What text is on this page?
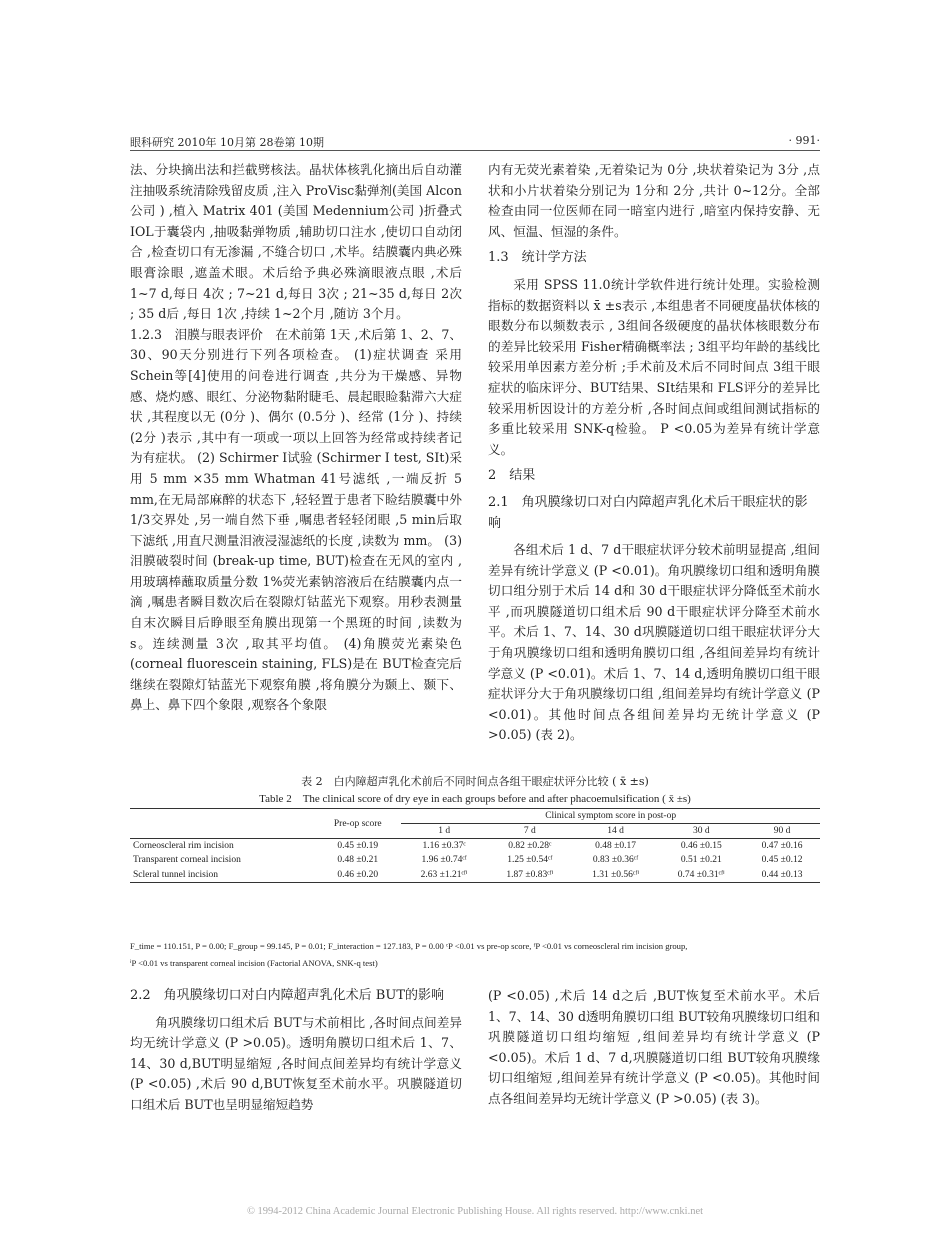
眼科研究 2010年 10月第 28卷第 10期	· 991·

法、分块摘出法和拦截劈核法。晶状体核乳化摘出后自动灌注抽吸系统清除残留皮质 ,注入 ProVisc黏弹剂(美国 Alcon公司 ) ,植入 Matrix 401 (美国 Medennium公司 )折叠式 IOL于囊袋内 ,抽吸黏弹物质 ,辅助切口注水 ,使切口自动闭合 ,检查切口有无渗漏 ,不缝合切口 ,术毕。结膜囊内典必殊眼膏涂眼 ,遮盖术眼。术后给予典必殊滴眼液点眼 ,术后 1~7 d,每日 4次 ; 7~21 d,每日 3次 ; 21~35 d,每日 2次 ; 35 d后 ,每日 1次 ,持续 1~2个月 ,随访 3个月。

1.2.3　泪膜与眼表评价　在术前第 1天 ,术后第 1、2、7、30、90天分别进行下列各项检查。 (1)症状调查 采用 Schein等[4]使用的问卷进行调查 ,共分为干燥感、异物感、烧灼感、眼红、分泌物黏附睫毛、晨起眼睑黏滞六大症状 ,其程度以无 (0分 )、偶尔 (0.5分 )、经常 (1分 )、持续 (2分 )表示 ,其中有一项或一项以上回答为经常或持续者记为有症状。 (2) Schirmer Ⅰ试验 (Schirmer I test, SIt)采用 5 mm ×35 mm Whatman 41号滤纸 ,一端反折 5 mm,在无局部麻醉的状态下 ,轻轻置于患者下睑结膜囊中外 1/3交界处 ,另一端自然下垂 ,嘱患者轻轻闭眼 ,5 min后取下滤纸 ,用直尺测量泪液浸湿滤纸的长度 ,读数为 mm。 (3)泪膜破裂时间 (break-up time, BUT)检查在无风的室内 ,用玻璃棒蘸取质量分数 1%荧光素钠溶液后在结膜囊内点一滴 ,嘱患者瞬目数次后在裂隙灯钴蓝光下观察。用秒表测量自末次瞬目后睁眼至角膜出现第一个黑斑的时间 ,读数为 s。连续测量 3次 ,取其平均值。 (4)角膜荧光素染色 (corneal fluorescein staining, FLS)是在 BUT检查完后继续在裂隙灯钴蓝光下观察角膜 ,将角膜分为颞上、颞下、鼻上、鼻下四个象限 ,观察各个象限

内有无荧光素着染 ,无着染记为 0分 ,块状着染记为 3分 ,点状和小片状着染分别记为 1分和 2分 ,共计 0~12分。全部检查由同一位医师在同一暗室内进行 ,暗室内保持安静、无风、恒温、恒湿的条件。

1.3　统计学方法

采用 SPSS 11.0统计学软件进行统计处理。实验检测指标的数据资料以 x̄ ±s表示 ,本组患者不同硬度晶状体核的眼数分布以频数表示 , 3组间各级硬度的晶状体核眼数分布的差异比较采用 Fisher精确概率法 ; 3组平均年龄的基线比较采用单因素方差分析 ;手术前及术后不同时间点 3组干眼症状的临床评分、BUT结果、SIt结果和 FLS评分的差异比较采用析因设计的方差分析 ,各时间点间或组间测试指标的多重比较采用 SNK-q检验。 P <0.05为差异有统计学意义。

2　结果
2.1　角巩膜缘切口对白内障超声乳化术后干眼症状的影响

各组术后 1 d、7 d干眼症状评分较术前明显提高 ,组间差异有统计学意义 (P <0.01)。角巩膜缘切口组和透明角膜切口组分别于术后 14 d和 30 d干眼症状评分降低至术前水平 ,而巩膜隧道切口组术后 90 d干眼症状评分降至术前水平。术后 1、7、14、30 d巩膜隧道切口组干眼症状评分大于角巩膜缘切口组和透明角膜切口组 ,各组间差异均有统计学意义 (P <0.01)。术后 1、7、14 d,透明角膜切口组干眼症状评分大于角巩膜缘切口组 ,组间差异均有统计学意义 (P <0.01)。其他时间点各组间差异均无统计学意义 (P >0.05) (表 2)。

表 2　白内障超声乳化术前后不同时间点各组干眼症状评分比较 ( x̄ ±s)
Table 2　The clinical score of dry eye in each groups before and after phacoemulsification ( x̄ ±s)
	Pre-op score	Clinical symptom score in post-op				
		1 d	7 d	14 d	30 d	90 d
Corneoscleral rim incision	0.45 ±0.19	1.16 ±0.37ᶜ	0.82 ±0.28ᶜ	0.48 ±0.17	0.46 ±0.15	0.47 ±0.16
Transparent corneal incision	0.48 ±0.21	1.96 ±0.74ᶜᶠ	1.25 ±0.54ᶜᶠ	0.83 ±0.36ᶜᶠ	0.51 ±0.21	0.45 ±0.12
Scleral tunnel incision	0.46 ±0.20	2.63 ±1.21ᶜᶠⁱ	1.87 ±0.83ᶜᶠⁱ	1.31 ±0.56ᶜᶠⁱ	0.74 ±0.31ᶜᶠⁱ	0.44 ±0.13
F_time = 110.151, P = 0.00; F_group = 99.145, P = 0.01; F_interaction = 127.183, P = 0.00 ᶜP <0.01 vs pre-op score, ᶠP <0.01 vs corneoscleral rim incision group,
ⁱP <0.01 vs transparent corneal incision (Factorial ANOVA, SNK-q test)
2.2　角巩膜缘切口对白内障超声乳化术后 BUT的影响

角巩膜缘切口组术后 BUT与术前相比 ,各时间点间差异均无统计学意义 (P >0.05)。透明角膜切口组术后 1、7、14、30 d,BUT明显缩短 ,各时间点间差异均有统计学意义 (P <0.05) ,术后 90 d,BUT恢复至术前水平。巩膜隧道切口组术后 BUT也呈明显缩短趋势

(P <0.05) ,术后 14 d之后 ,BUT恢复至术前水平。术后 1、7、14、30 d透明角膜切口组 BUT较角巩膜缘切口组和巩膜隧道切口组均缩短 ,组间差异均有统计学意义 (P <0.05)。术后 1 d、7 d,巩膜隧道切口组 BUT较角巩膜缘切口组缩短 ,组间差异有统计学意义 (P <0.05)。其他时间点各组间差异均无统计学意义 (P >0.05) (表 3)。

© 1994-2012 China Academic Journal Electronic Publishing House. All rights reserved. http://www.cnki.net
